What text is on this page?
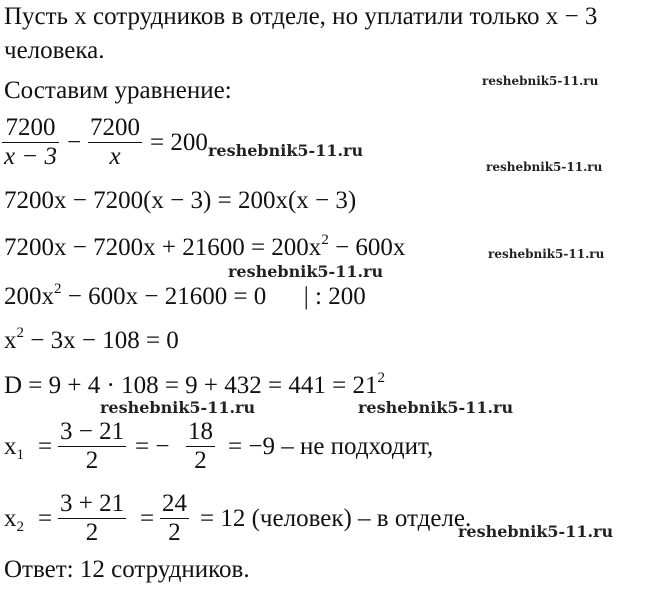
Пусть x сотрудников в отделе, но уплатили только x − 3
человека.
Составим уравнение:
$\frac{7200}{x - 3} - \frac{7200}{x} = 200$
7200x − 7200(x − 3) = 200x(x − 3)
$7200x - 7200x + 21600 = 200x^2 - 600x$
$200x^2 - 600x - 21600 = 0$      | : 200
$x^2 - 3x - 108 = 0$
$D = 9 + 4 \cdot 108 = 9 + 432 = 441 = 21^2$
$x_1 = \frac{3 - 21}{2}$ = − $\frac{18}{2} = -9$ – не подходит,
$x_2 = \frac{3 + 21}{2} = \frac{24}{2} = 12$ (человек) – в отделе.
Ответ: 12 сотрудников.
reshebnik5-11.ru
reshebnik5-11.ru
reshebnik5-11.ru
reshebnik5-11.ru
reshebnik5-11.ru
reshebnik5-11.ru	reshebnik5-11.ru
reshebnik5-11.ru
